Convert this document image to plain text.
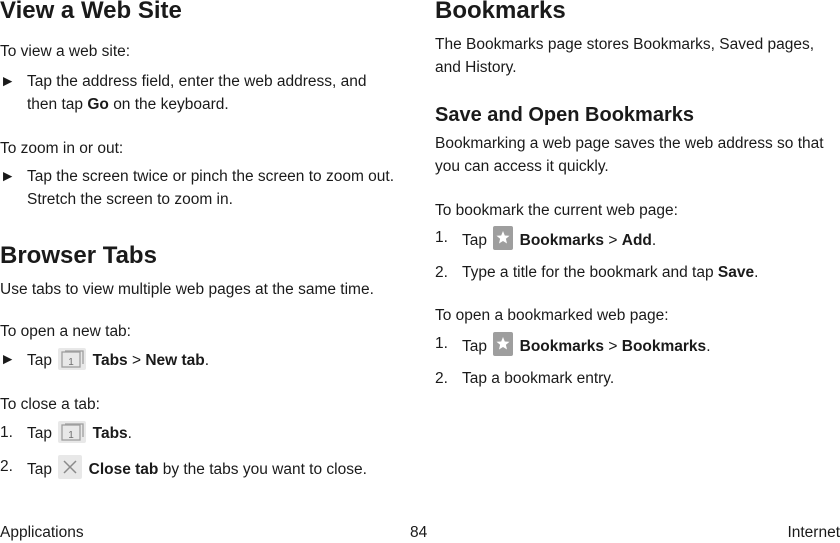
View a Web Site

To view a web site:

► Tap the address field, enter the web address, and then tap Go on the keyboard.

To zoom in or out:

► Tap the screen twice or pinch the screen to zoom out. Stretch the screen to zoom in.
Browser Tabs

Use tabs to view multiple web pages at the same time.

To open a new tab:

► Tap 1 Tabs > New tab.

To close a tab:

1. Tap 1 Tabs.
2. Tap Close tab by the tabs you want to close.
Bookmarks

The Bookmarks page stores Bookmarks, Saved pages, and History.

Save and Open Bookmarks

Bookmarking a web page saves the web address so that you can access it quickly.

To bookmark the current web page:

1. Tap Bookmarks > Add.
2. Type a title for the bookmark and tap Save.

To open a bookmarked web page:

1. Tap Bookmarks > Bookmarks.
2. Tap a bookmark entry.
Applications	84	Internet
